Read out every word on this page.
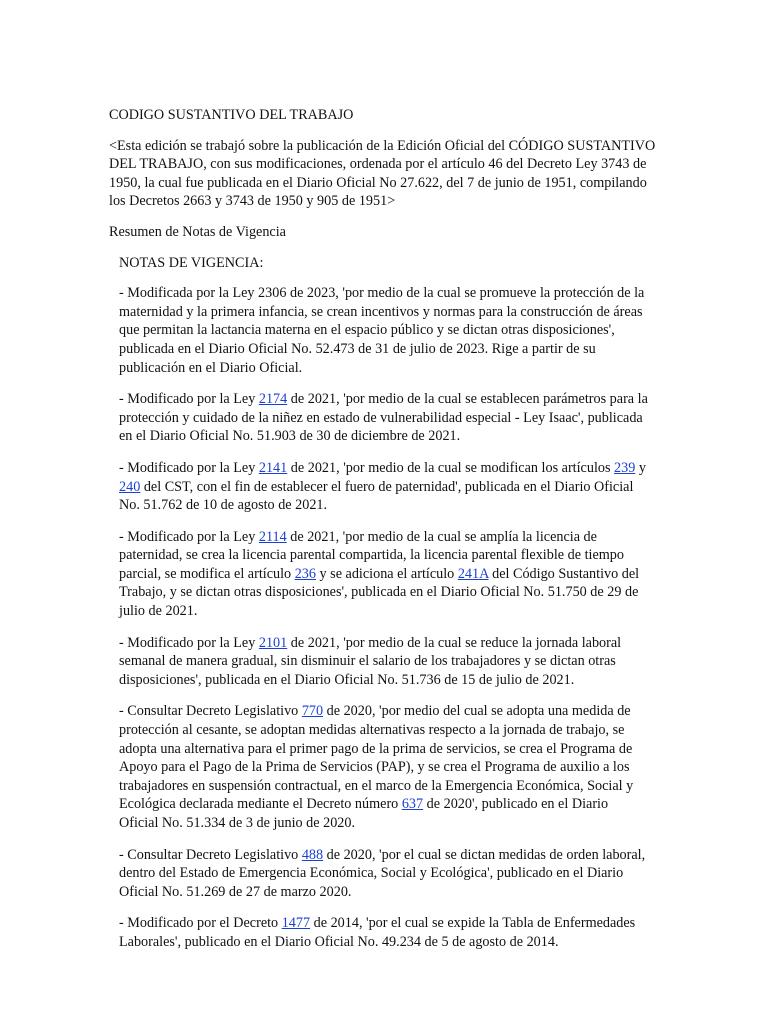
CODIGO SUSTANTIVO DEL TRABAJO

<Esta edición se trabajó sobre la publicación de la Edición Oficial del CÓDIGO SUSTANTIVO DEL TRABAJO, con sus modificaciones, ordenada por el artículo 46 del Decreto Ley 3743 de 1950, la cual fue publicada en el Diario Oficial No 27.622, del 7 de junio de 1951, compilando los Decretos 2663 y 3743 de 1950 y 905 de 1951>

Resumen de Notas de Vigencia

NOTAS DE VIGENCIA:

- Modificada por la Ley 2306 de 2023, 'por medio de la cual se promueve la protección de la maternidad y la primera infancia, se crean incentivos y normas para la construcción de áreas que permitan la lactancia materna en el espacio público y se dictan otras disposiciones', publicada en el Diario Oficial No. 52.473 de 31 de julio de 2023. Rige a partir de su publicación en el Diario Oficial.

- Modificado por la Ley 2174 de 2021, 'por medio de la cual se establecen parámetros para la protección y cuidado de la niñez en estado de vulnerabilidad especial - Ley Isaac', publicada en el Diario Oficial No. 51.903 de 30 de diciembre de 2021.

- Modificado por la Ley 2141 de 2021, 'por medio de la cual se modifican los artículos 239 y 240 del CST, con el fin de establecer el fuero de paternidad', publicada en el Diario Oficial No. 51.762 de 10 de agosto de 2021.

- Modificado por la Ley 2114 de 2021, 'por medio de la cual se amplía la licencia de paternidad, se crea la licencia parental compartida, la licencia parental flexible de tiempo parcial, se modifica el artículo 236 y se adiciona el artículo 241A del Código Sustantivo del Trabajo, y se dictan otras disposiciones', publicada en el Diario Oficial No. 51.750 de 29 de julio de 2021.

- Modificado por la Ley 2101 de 2021, 'por medio de la cual se reduce la jornada laboral semanal de manera gradual, sin disminuir el salario de los trabajadores y se dictan otras disposiciones', publicada en el Diario Oficial No. 51.736 de 15 de julio de 2021.

- Consultar Decreto Legislativo 770 de 2020, 'por medio del cual se adopta una medida de protección al cesante, se adoptan medidas alternativas respecto a la jornada de trabajo, se adopta una alternativa para el primer pago de la prima de servicios, se crea el Programa de Apoyo para el Pago de la Prima de Servicios (PAP), y se crea el Programa de auxilio a los trabajadores en suspensión contractual, en el marco de la Emergencia Económica, Social y Ecológica declarada mediante el Decreto número 637 de 2020', publicado en el Diario Oficial No. 51.334 de 3 de junio de 2020.

- Consultar Decreto Legislativo 488 de 2020, 'por el cual se dictan medidas de orden laboral, dentro del Estado de Emergencia Económica, Social y Ecológica', publicado en el Diario Oficial No. 51.269 de 27 de marzo 2020.

- Modificado por el Decreto 1477 de 2014, 'por el cual se expide la Tabla de Enfermedades Laborales', publicado en el Diario Oficial No. 49.234 de 5 de agosto de 2014.
